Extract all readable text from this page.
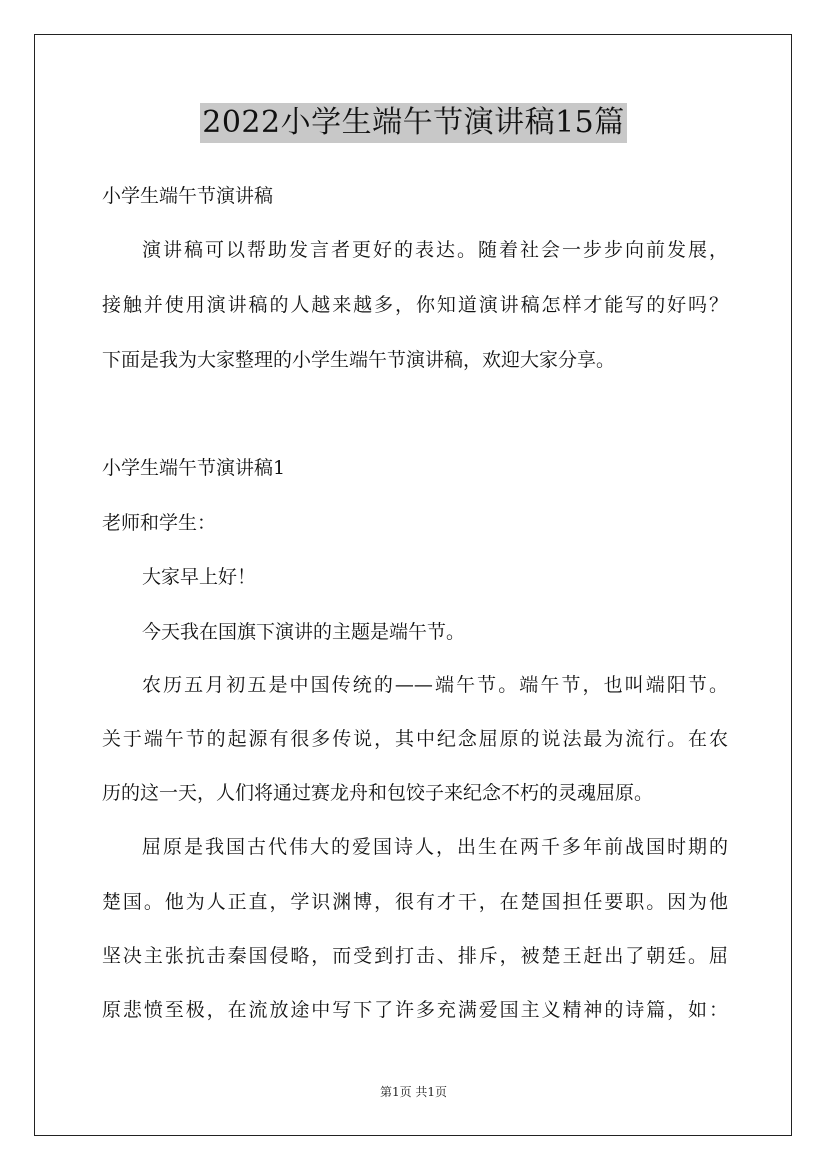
2022小学生端午节演讲稿15篇
小学生端午节演讲稿
演讲稿可以帮助发言者更好的表达。随着社会一步步向前发展，
接触并使用演讲稿的人越来越多，你知道演讲稿怎样才能写的好吗？
下面是我为大家整理的小学生端午节演讲稿，欢迎大家分享。
小学生端午节演讲稿1
老师和学生：
大家早上好！
今天我在国旗下演讲的主题是端午节。
农历五月初五是中国传统的——端午节。端午节，也叫端阳节。
关于端午节的起源有很多传说，其中纪念屈原的说法最为流行。在农
历的这一天，人们将通过赛龙舟和包饺子来纪念不朽的灵魂屈原。
屈原是我国古代伟大的爱国诗人，出生在两千多年前战国时期的
楚国。他为人正直，学识渊博，很有才干，在楚国担任要职。因为他
坚决主张抗击秦国侵略，而受到打击、排斥，被楚王赶出了朝廷。屈
原悲愤至极，在流放途中写下了许多充满爱国主义精神的诗篇，如：
第1页 共1页
